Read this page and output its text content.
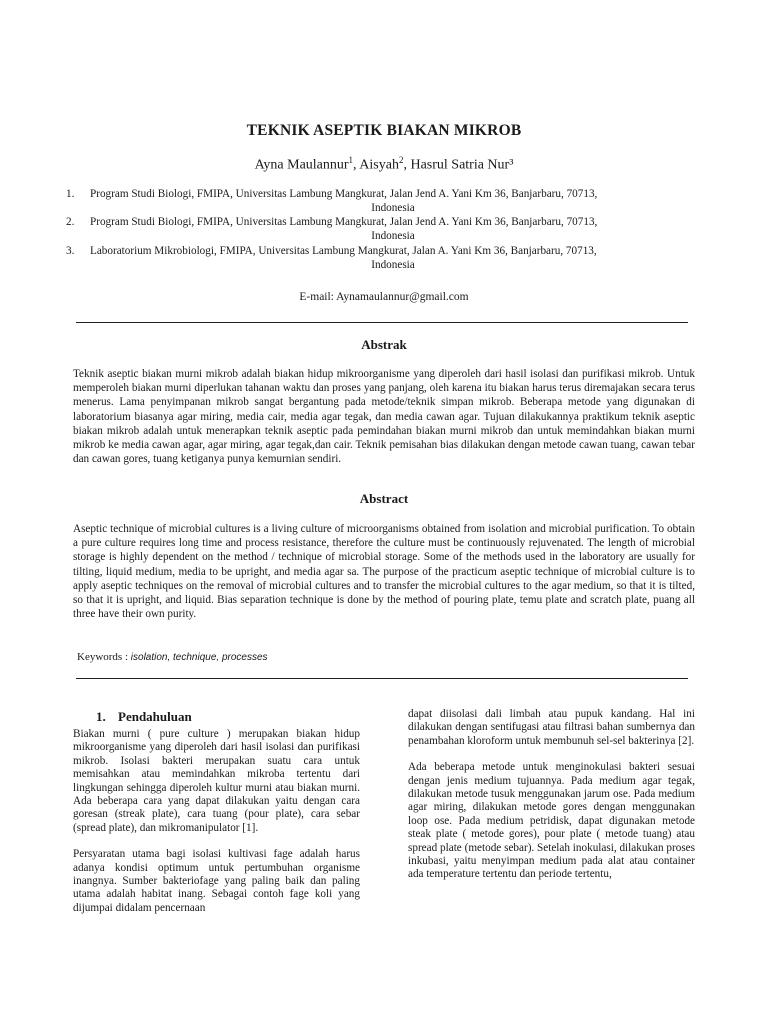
TEKNIK ASEPTIK BIAKAN MIKROB
Ayna Maulannur$^1$, Aisyah$^2$, Hasrul Satria Nur³
1. Program Studi Biologi, FMIPA, Universitas Lambung Mangkurat, Jalan Jend A. Yani Km 36, Banjarbaru, 70713,
Indonesia
2. Program Studi Biologi, FMIPA, Universitas Lambung Mangkurat, Jalan Jend A. Yani Km 36, Banjarbaru, 70713,
Indonesia
3. Laboratorium Mikrobiologi, FMIPA, Universitas Lambung Mangkurat, Jalan A. Yani Km 36, Banjarbaru, 70713,
Indonesia
E-mail: Aynamaulannur@gmail.com
Abstrak
Teknik aseptic biakan murni mikrob adalah biakan hidup mikroorganisme yang diperoleh dari hasil isolasi dan purifikasi mikrob. Untuk memperoleh biakan murni diperlukan tahanan waktu dan proses yang panjang, oleh karena itu biakan harus terus diremajakan secara terus menerus. Lama penyimpanan mikrob sangat bergantung pada metode/teknik simpan mikrob. Beberapa metode yang digunakan di laboratorium biasanya agar miring, media cair, media agar tegak, dan media cawan agar. Tujuan dilakukannya praktikum teknik aseptic biakan mikrob adalah untuk menerapkan teknik aseptic pada pemindahan biakan murni mikrob dan untuk memindahkan biakan murni mikrob ke media cawan agar, agar miring, agar tegak,dan cair. Teknik pemisahan bias dilakukan dengan metode cawan tuang, cawan tebar dan cawan gores, tuang ketiganya punya kemurnian sendiri.
Abstract
Aseptic technique of microbial cultures is a living culture of microorganisms obtained from isolation and microbial purification. To obtain a pure culture requires long time and process resistance, therefore the culture must be continuously rejuvenated. The length of microbial storage is highly dependent on the method / technique of microbial storage. Some of the methods used in the laboratory are usually for tilting, liquid medium, media to be upright, and media agar sa. The purpose of the practicum aseptic technique of microbial culture is to apply aseptic techniques on the removal of microbial cultures and to transfer the microbial cultures to the agar medium, so that it is tilted, so that it is upright, and liquid. Bias separation technique is done by the method of pouring plate, temu plate and scratch plate, puang all three have their own purity.
Keywords : isolation, technique, processes
1. Pendahuluan

Biakan murni ( pure culture ) merupakan biakan hidup mikroorganisme yang diperoleh dari hasil isolasi dan purifikasi mikrob. Isolasi bakteri merupakan suatu cara untuk memisahkan atau memindahkan mikroba tertentu dari lingkungan sehingga diperoleh kultur murni atau biakan murni. Ada beberapa cara yang dapat dilakukan yaitu dengan cara goresan (streak plate), cara tuang (pour plate), cara sebar (spread plate), dan mikromanipulator [1].

Persyaratan utama bagi isolasi kultivasi fage adalah harus adanya kondisi optimum untuk pertumbuhan organisme inangnya. Sumber bakteriofage yang paling baik dan paling utama adalah habitat inang. Sebagai contoh fage koli yang dijumpai didalam pencernaan

dapat diisolasi dali limbah atau pupuk kandang. Hal ini dilakukan dengan sentifugasi atau filtrasi bahan sumbernya dan penambahan kloroform untuk membunuh sel-sel bakterinya [2].

Ada beberapa metode untuk menginokulasi bakteri sesuai dengan jenis medium tujuannya. Pada medium agar tegak, dilakukan metode tusuk menggunakan jarum ose. Pada medium agar miring, dilakukan metode gores dengan menggunakan loop ose. Pada medium petridisk, dapat digunakan metode steak plate ( metode gores), pour plate ( metode tuang) atau spread plate (metode sebar). Setelah inokulasi, dilakukan proses inkubasi, yaitu menyimpan medium pada alat atau container ada temperature tertentu dan periode tertentu,
